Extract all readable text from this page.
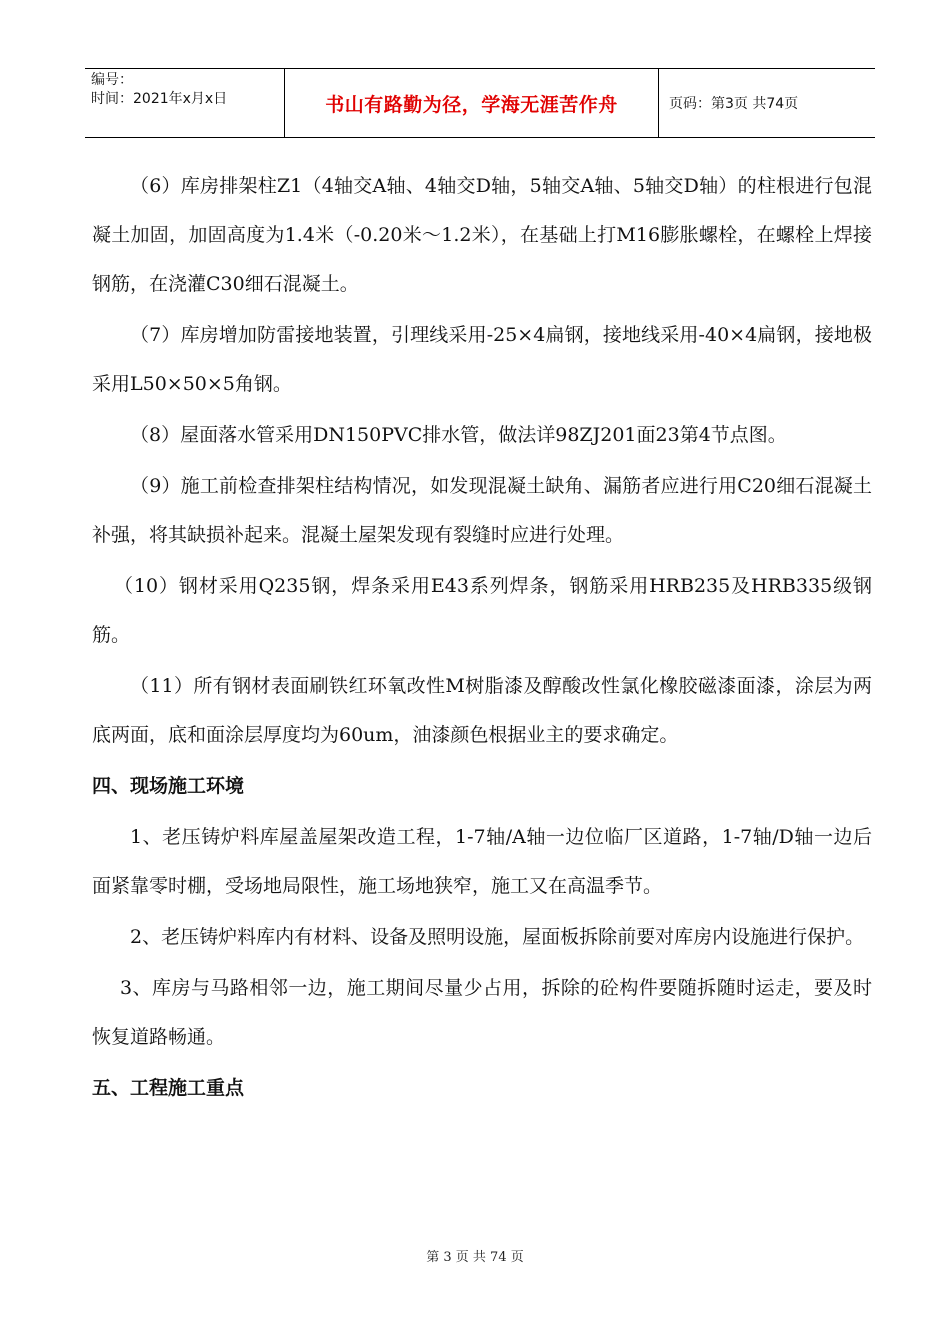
编号：
时间：2021年x月x日	书山有路勤为径，学海无涯苦作舟	页码：第3页 共74页

（6）库房排架柱Z1（4轴交A轴、4轴交D轴，5轴交A轴、5轴交D轴）的柱根进行包混凝土加固，加固高度为1.4米（-0.20米～1.2米），在基础上打M16膨胀螺栓，在螺栓上焊接钢筋，在浇灌C30细石混凝土。

（7）库房增加防雷接地装置，引理线采用-25×4扁钢，接地线采用-40×4扁钢，接地极采用L50×50×5角钢。

（8）屋面落水管采用DN150PVC排水管，做法详98ZJ201面23第4节点图。

（9）施工前检查排架柱结构情况，如发现混凝土缺角、漏筋者应进行用C20细石混凝土补强，将其缺损补起来。混凝土屋架发现有裂缝时应进行处理。

（10）钢材采用Q235钢，焊条采用E43系列焊条，钢筋采用HRB235及HRB335级钢筋。

（11）所有钢材表面刷铁红环氧改性M树脂漆及醇酸改性氯化橡胶磁漆面漆，涂层为两底两面，底和面涂层厚度均为60um，油漆颜色根据业主的要求确定。

四、现场施工环境

1、老压铸炉料库屋盖屋架改造工程，1-7轴/A轴一边位临厂区道路，1-7轴/D轴一边后面紧靠零时棚，受场地局限性，施工场地狭窄，施工又在高温季节。

2、老压铸炉料库内有材料、设备及照明设施，屋面板拆除前要对库房内设施进行保护。

3、库房与马路相邻一边，施工期间尽量少占用，拆除的砼构件要随拆随时运走，要及时恢复道路畅通。

五、工程施工重点
第 3 页 共 74 页
